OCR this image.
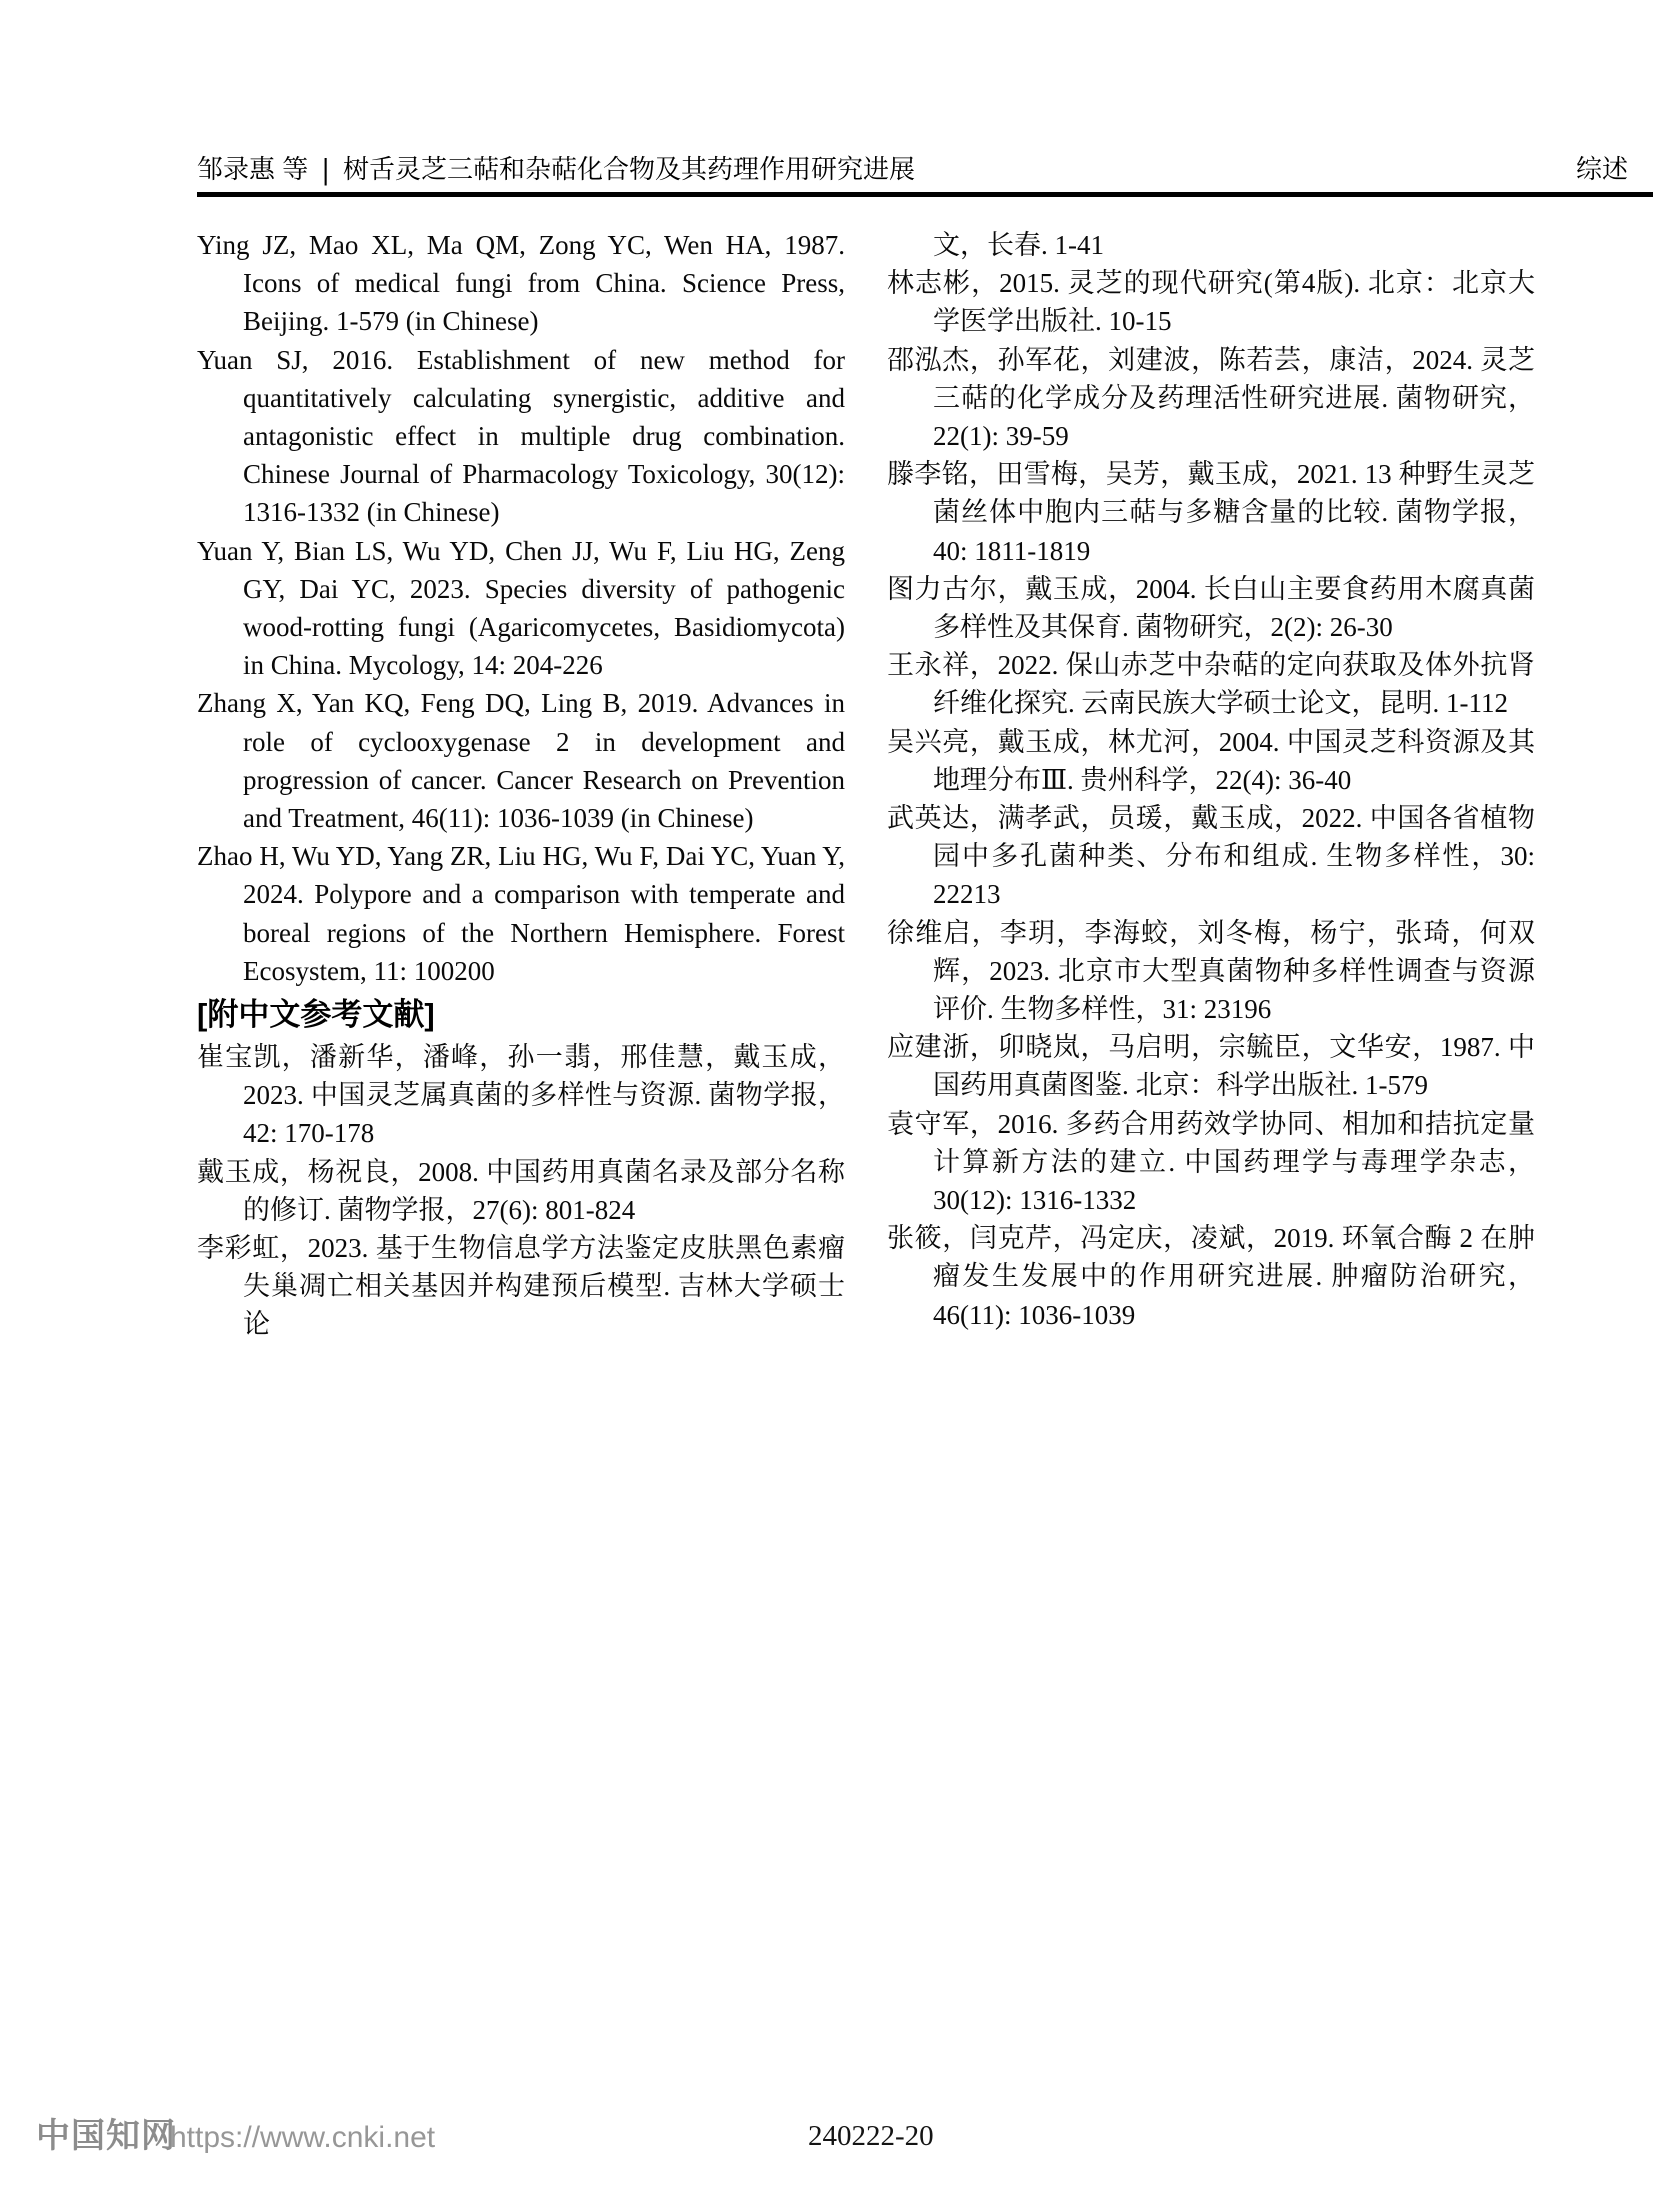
邹录惠 等 | 树舌灵芝三萜和杂萜化合物及其药理作用研究进展	综述

Ying JZ, Mao XL, Ma QM, Zong YC, Wen HA, 1987. Icons of medical fungi from China. Science Press, Beijing. 1-579 (in Chinese)

Yuan SJ, 2016. Establishment of new method for quantitatively calculating synergistic, additive and antagonistic effect in multiple drug combination. Chinese Journal of Pharmacology Toxicology, 30(12): 1316-1332 (in Chinese)

Yuan Y, Bian LS, Wu YD, Chen JJ, Wu F, Liu HG, Zeng GY, Dai YC, 2023. Species diversity of pathogenic wood-rotting fungi (Agaricomycetes, Basidiomycota) in China. Mycology, 14: 204-226

Zhang X, Yan KQ, Feng DQ, Ling B, 2019. Advances in role of cyclooxygenase 2 in development and progression of cancer. Cancer Research on Prevention and Treatment, 46(11): 1036-1039 (in Chinese)

Zhao H, Wu YD, Yang ZR, Liu HG, Wu F, Dai YC, Yuan Y, 2024. Polypore and a comparison with temperate and boreal regions of the Northern Hemisphere. Forest Ecosystem, 11: 100200

[附中文参考文献]

崔宝凯，潘新华，潘峰，孙一翡，邢佳慧，戴玉成，2023. 中国灵芝属真菌的多样性与资源. 菌物学报，42: 170-178

戴玉成，杨祝良，2008. 中国药用真菌名录及部分名称的修订. 菌物学报，27(6): 801-824

李彩虹，2023. 基于生物信息学方法鉴定皮肤黑色素瘤失巢凋亡相关基因并构建预后模型. 吉林大学硕士论

文，长春. 1-41

林志彬，2015. 灵芝的现代研究(第4版). 北京：北京大学医学出版社. 10-15

邵泓杰，孙军花，刘建波，陈若芸，康洁，2024. 灵芝三萜的化学成分及药理活性研究进展. 菌物研究，22(1): 39-59

滕李铭，田雪梅，吴芳，戴玉成，2021. 13 种野生灵芝菌丝体中胞内三萜与多糖含量的比较. 菌物学报，40: 1811-1819

图力古尔，戴玉成，2004. 长白山主要食药用木腐真菌多样性及其保育. 菌物研究，2(2): 26-30

王永祥，2022. 保山赤芝中杂萜的定向获取及体外抗肾纤维化探究. 云南民族大学硕士论文，昆明. 1-112

吴兴亮，戴玉成，林尤河，2004. 中国灵芝科资源及其地理分布Ⅲ. 贵州科学，22(4): 36-40

武英达，满孝武，员瑗，戴玉成，2022. 中国各省植物园中多孔菌种类、分布和组成. 生物多样性，30: 22213

徐维启，李玥，李海蛟，刘冬梅，杨宁，张琦，何双辉，2023. 北京市大型真菌物种多样性调查与资源评价. 生物多样性，31: 23196

应建浙，卯晓岚，马启明，宗毓臣，文华安，1987. 中国药用真菌图鉴. 北京：科学出版社. 1-579

袁守军，2016. 多药合用药效学协同、相加和拮抗定量计算新方法的建立. 中国药理学与毒理学杂志，30(12): 1316-1332

张筱，闫克芹，冯定庆，凌斌，2019. 环氧合酶 2 在肿瘤发生发展中的作用研究进展. 肿瘤防治研究，46(11): 1036-1039

中国知网
https://www.cnki.net	240222-20
